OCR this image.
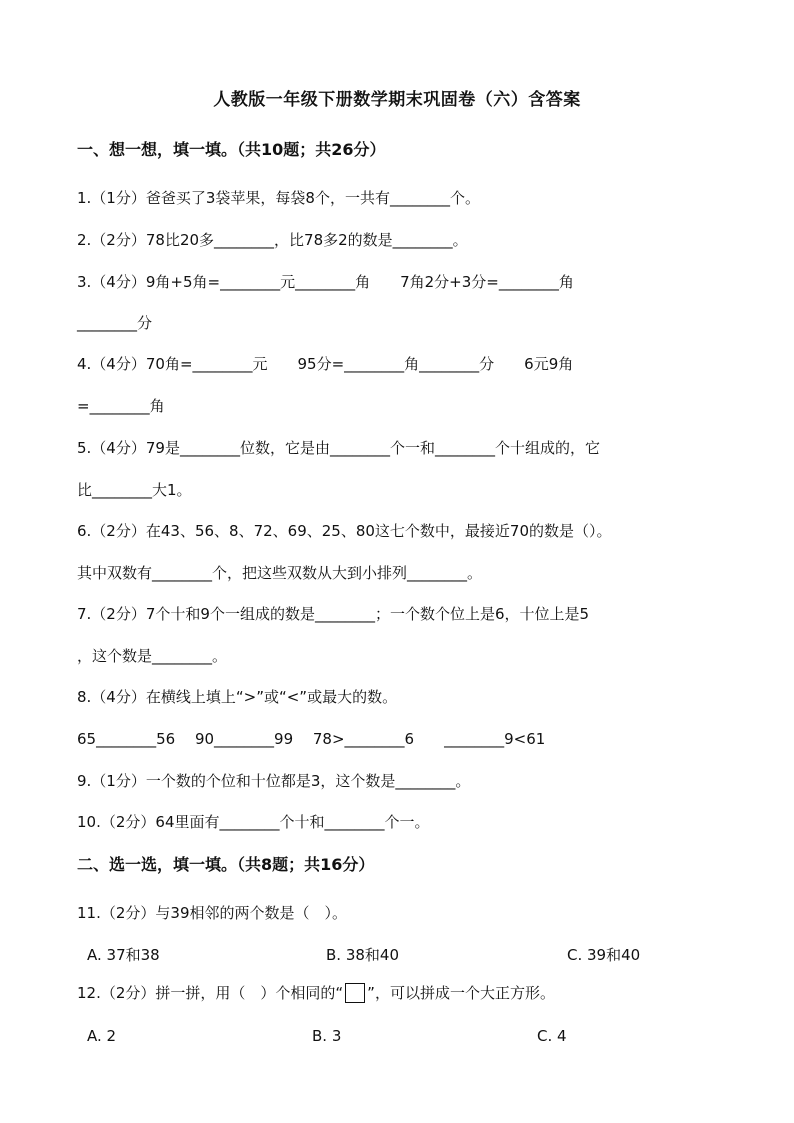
人教版一年级下册数学期末巩固卷（六）含答案
一、想一想，填一填。（共10题；共26分）
1.（1分）爸爸买了3袋苹果，每袋8个，一共有________个。
2.（2分）78比20多________，比78多2的数是________。
3.（4分）9角+5角=________元________角　　7角2分+3分=________角
________分
4.（4分）70角=________元　　95分=________角________分　　6元9角
=________角
5.（4分）79是________位数，它是由________个一和________个十组成的，它
比________大1。
6.（2分）在43、56、8、72、69、25、80这七个数中，最接近70的数是（）。
其中双数有________个，把这些双数从大到小排列________。
7.（2分）7个十和9个一组成的数是________；一个数个位上是6，十位上是5
，这个数是________。
8.（4分）在横线上填上“>”或“<”或最大的数。
65________56　 90________99　 78>________6　　________9<61
9.（1分）一个数的个位和十位都是3，这个数是________。
10.（2分）64里面有________个十和________个一。
二、选一选，填一填。（共8题；共16分）
11.（2分）与39相邻的两个数是（　）。
A. 37和38	B. 38和40	C. 39和40
12.（2分）拼一拼，用（　）个相同的“ ”，可以拼成一个大正方形。
A. 2	B. 3	C. 4
